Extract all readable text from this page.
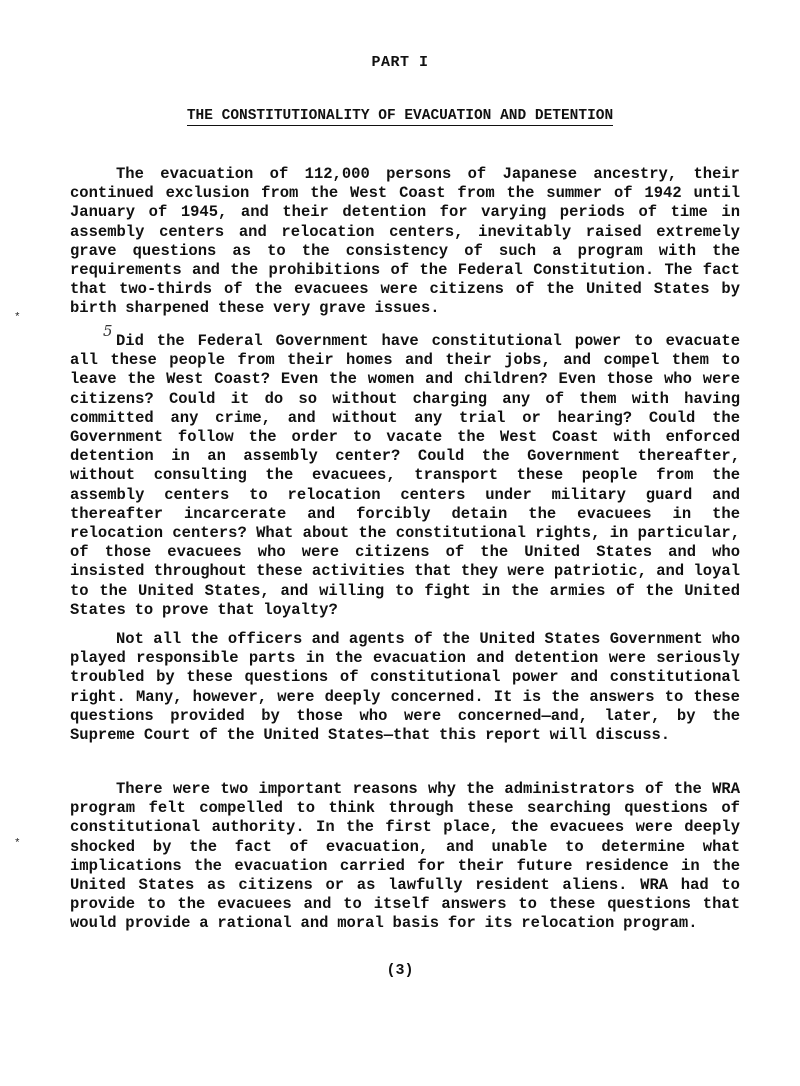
PART I
THE CONSTITUTIONALITY OF EVACUATION AND DETENTION
The evacuation of 112,000 persons of Japanese ancestry, their continued exclusion from the West Coast from the summer of 1942 until January of 1945, and their detention for varying periods of time in assembly centers and relocation centers, inevitably raised extremely grave questions as to the consistency of such a program with the requirements and the prohibitions of the Federal Constitution. The fact that two-thirds of the evacuees were citizens of the United States by birth sharpened these very grave issues.
5
Did the Federal Government have constitutional power to evacuate all these people from their homes and their jobs, and compel them to leave the West Coast? Even the women and children? Even those who were citizens? Could it do so without charging any of them with having committed any crime, and without any trial or hearing? Could the Government follow the order to vacate the West Coast with enforced detention in an assembly center? Could the Government thereafter, without consulting the evacuees, transport these people from the assembly centers to relocation centers under military guard and thereafter incarcerate and forcibly detain the evacuees in the relocation centers? What about the constitutional rights, in particular, of those evacuees who were citizens of the United States and who insisted throughout these activities that they were patriotic, and loyal to the United States, and willing to fight in the armies of the United States to prove that loyalty?
Not all the officers and agents of the United States Government who played responsible parts in the evacuation and detention were seriously troubled by these questions of constitutional power and constitutional right. Many, however, were deeply concerned. It is the answers to these questions provided by those who were concerned—and, later, by the Supreme Court of the United States—that this report will discuss.
There were two important reasons why the administrators of the WRA program felt compelled to think through these searching questions of constitutional authority. In the first place, the evacuees were deeply shocked by the fact of evacuation, and unable to determine what implications the evacuation carried for their future residence in the United States as citizens or as lawfully resident aliens. WRA had to provide to the evacuees and to itself answers to these questions that would provide a rational and moral basis for its relocation program.
*
*
(3)
